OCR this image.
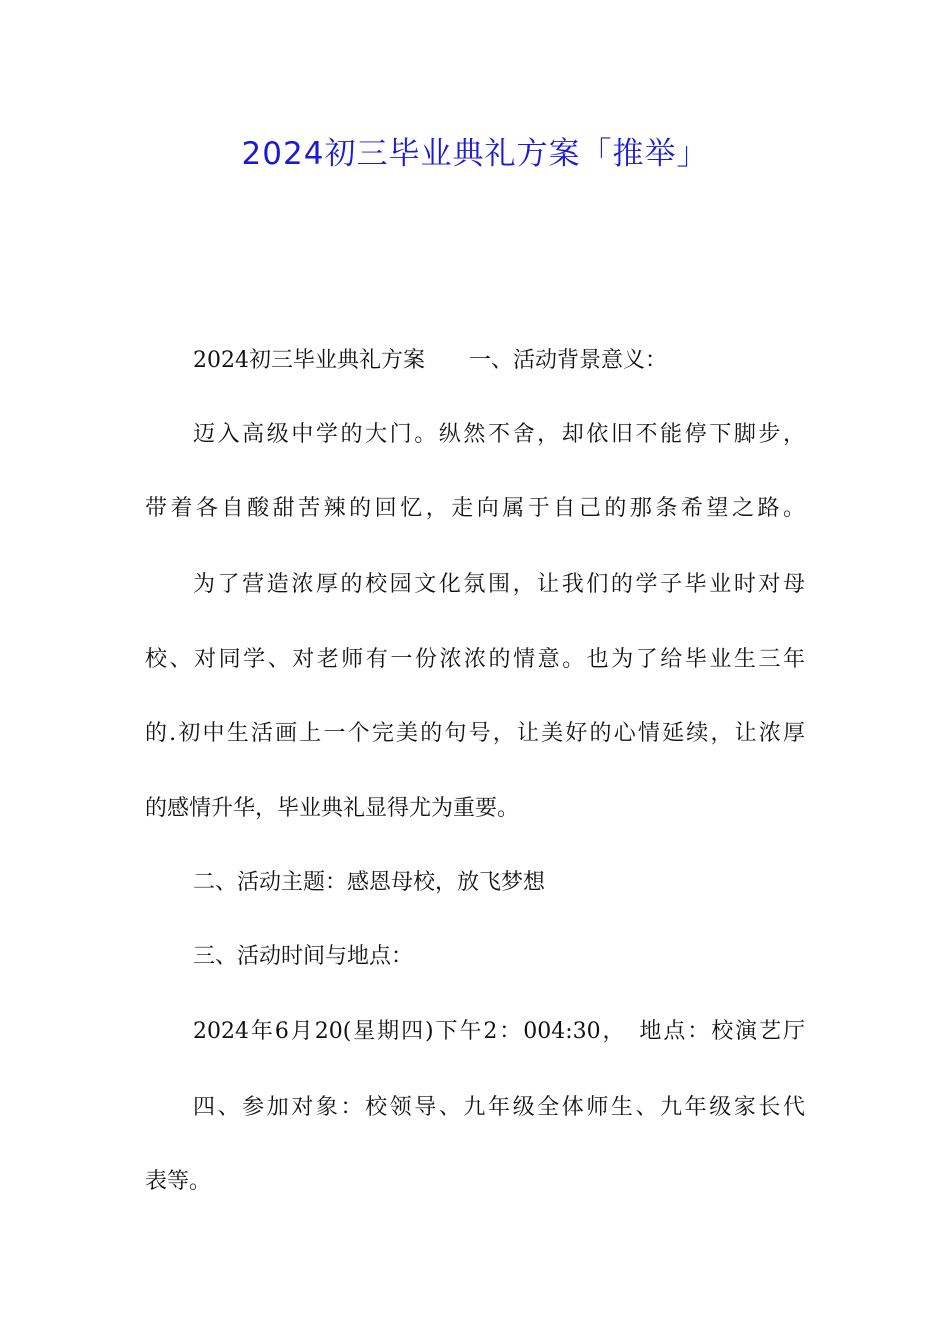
2024初三毕业典礼方案「推举」
2024初三毕业典礼方案　　一、活动背景意义：
迈入高级中学的大门。纵然不舍，却依旧不能停下脚步，
带着各自酸甜苦辣的回忆，走向属于自己的那条希望之路。
为了营造浓厚的校园文化氛围，让我们的学子毕业时对母
校、对同学、对老师有一份浓浓的情意。也为了给毕业生三年
的.初中生活画上一个完美的句号，让美好的心情延续，让浓厚
的感情升华，毕业典礼显得尤为重要。
二、活动主题：感恩母校，放飞梦想
三、活动时间与地点：
2024年6月20(星期四)下午2：004:30，　地点：校演艺厅
四、参加对象：校领导、九年级全体师生、九年级家长代
表等。
